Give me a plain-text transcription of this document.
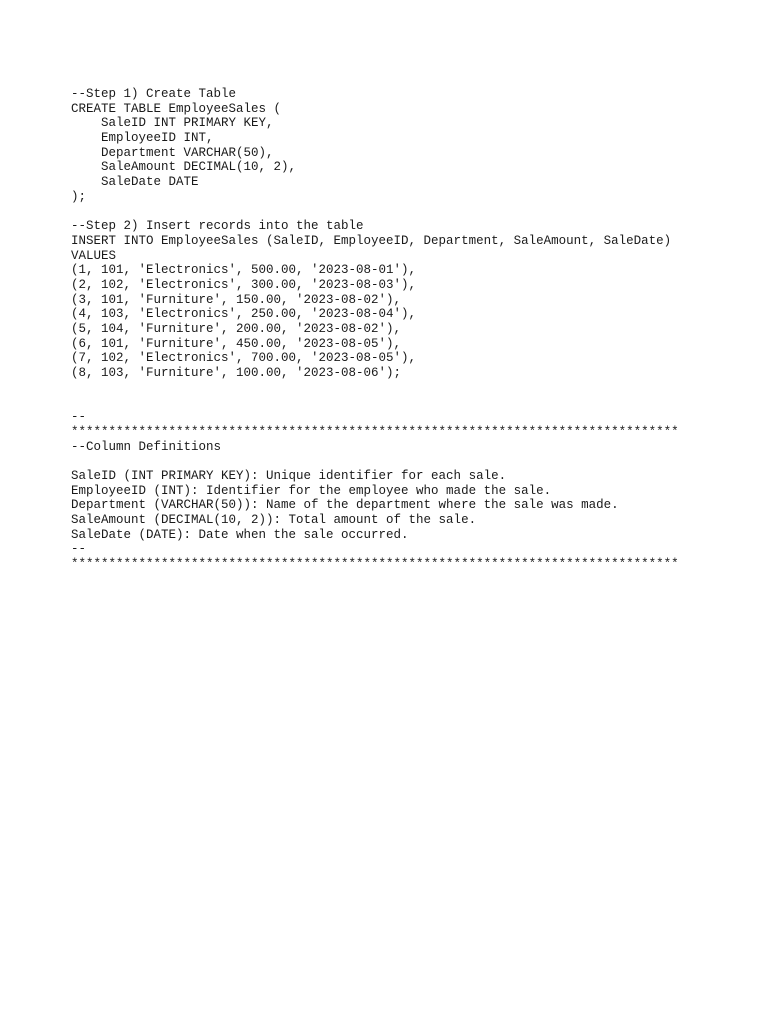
--Step 1) Create Table
CREATE TABLE EmployeeSales (
SaleID INT PRIMARY KEY,
EmployeeID INT,
Department VARCHAR(50),
SaleAmount DECIMAL(10, 2),
SaleDate DATE
);
--Step 2) Insert records into the table
INSERT INTO EmployeeSales (SaleID, EmployeeID, Department, SaleAmount, SaleDate)
VALUES
(1, 101, 'Electronics', 500.00, '2023-08-01'),
(2, 102, 'Electronics', 300.00, '2023-08-03'),
(3, 101, 'Furniture', 150.00, '2023-08-02'),
(4, 103, 'Electronics', 250.00, '2023-08-04'),
(5, 104, 'Furniture', 200.00, '2023-08-02'),
(6, 101, 'Furniture', 450.00, '2023-08-05'),
(7, 102, 'Electronics', 700.00, '2023-08-05'),
(8, 103, 'Furniture', 100.00, '2023-08-06');
--
*********************************************************************************
--Column Definitions
SaleID (INT PRIMARY KEY): Unique identifier for each sale.
EmployeeID (INT): Identifier for the employee who made the sale.
Department (VARCHAR(50)): Name of the department where the sale was made.
SaleAmount (DECIMAL(10, 2)): Total amount of the sale.
SaleDate (DATE): Date when the sale occurred.
--
*********************************************************************************
